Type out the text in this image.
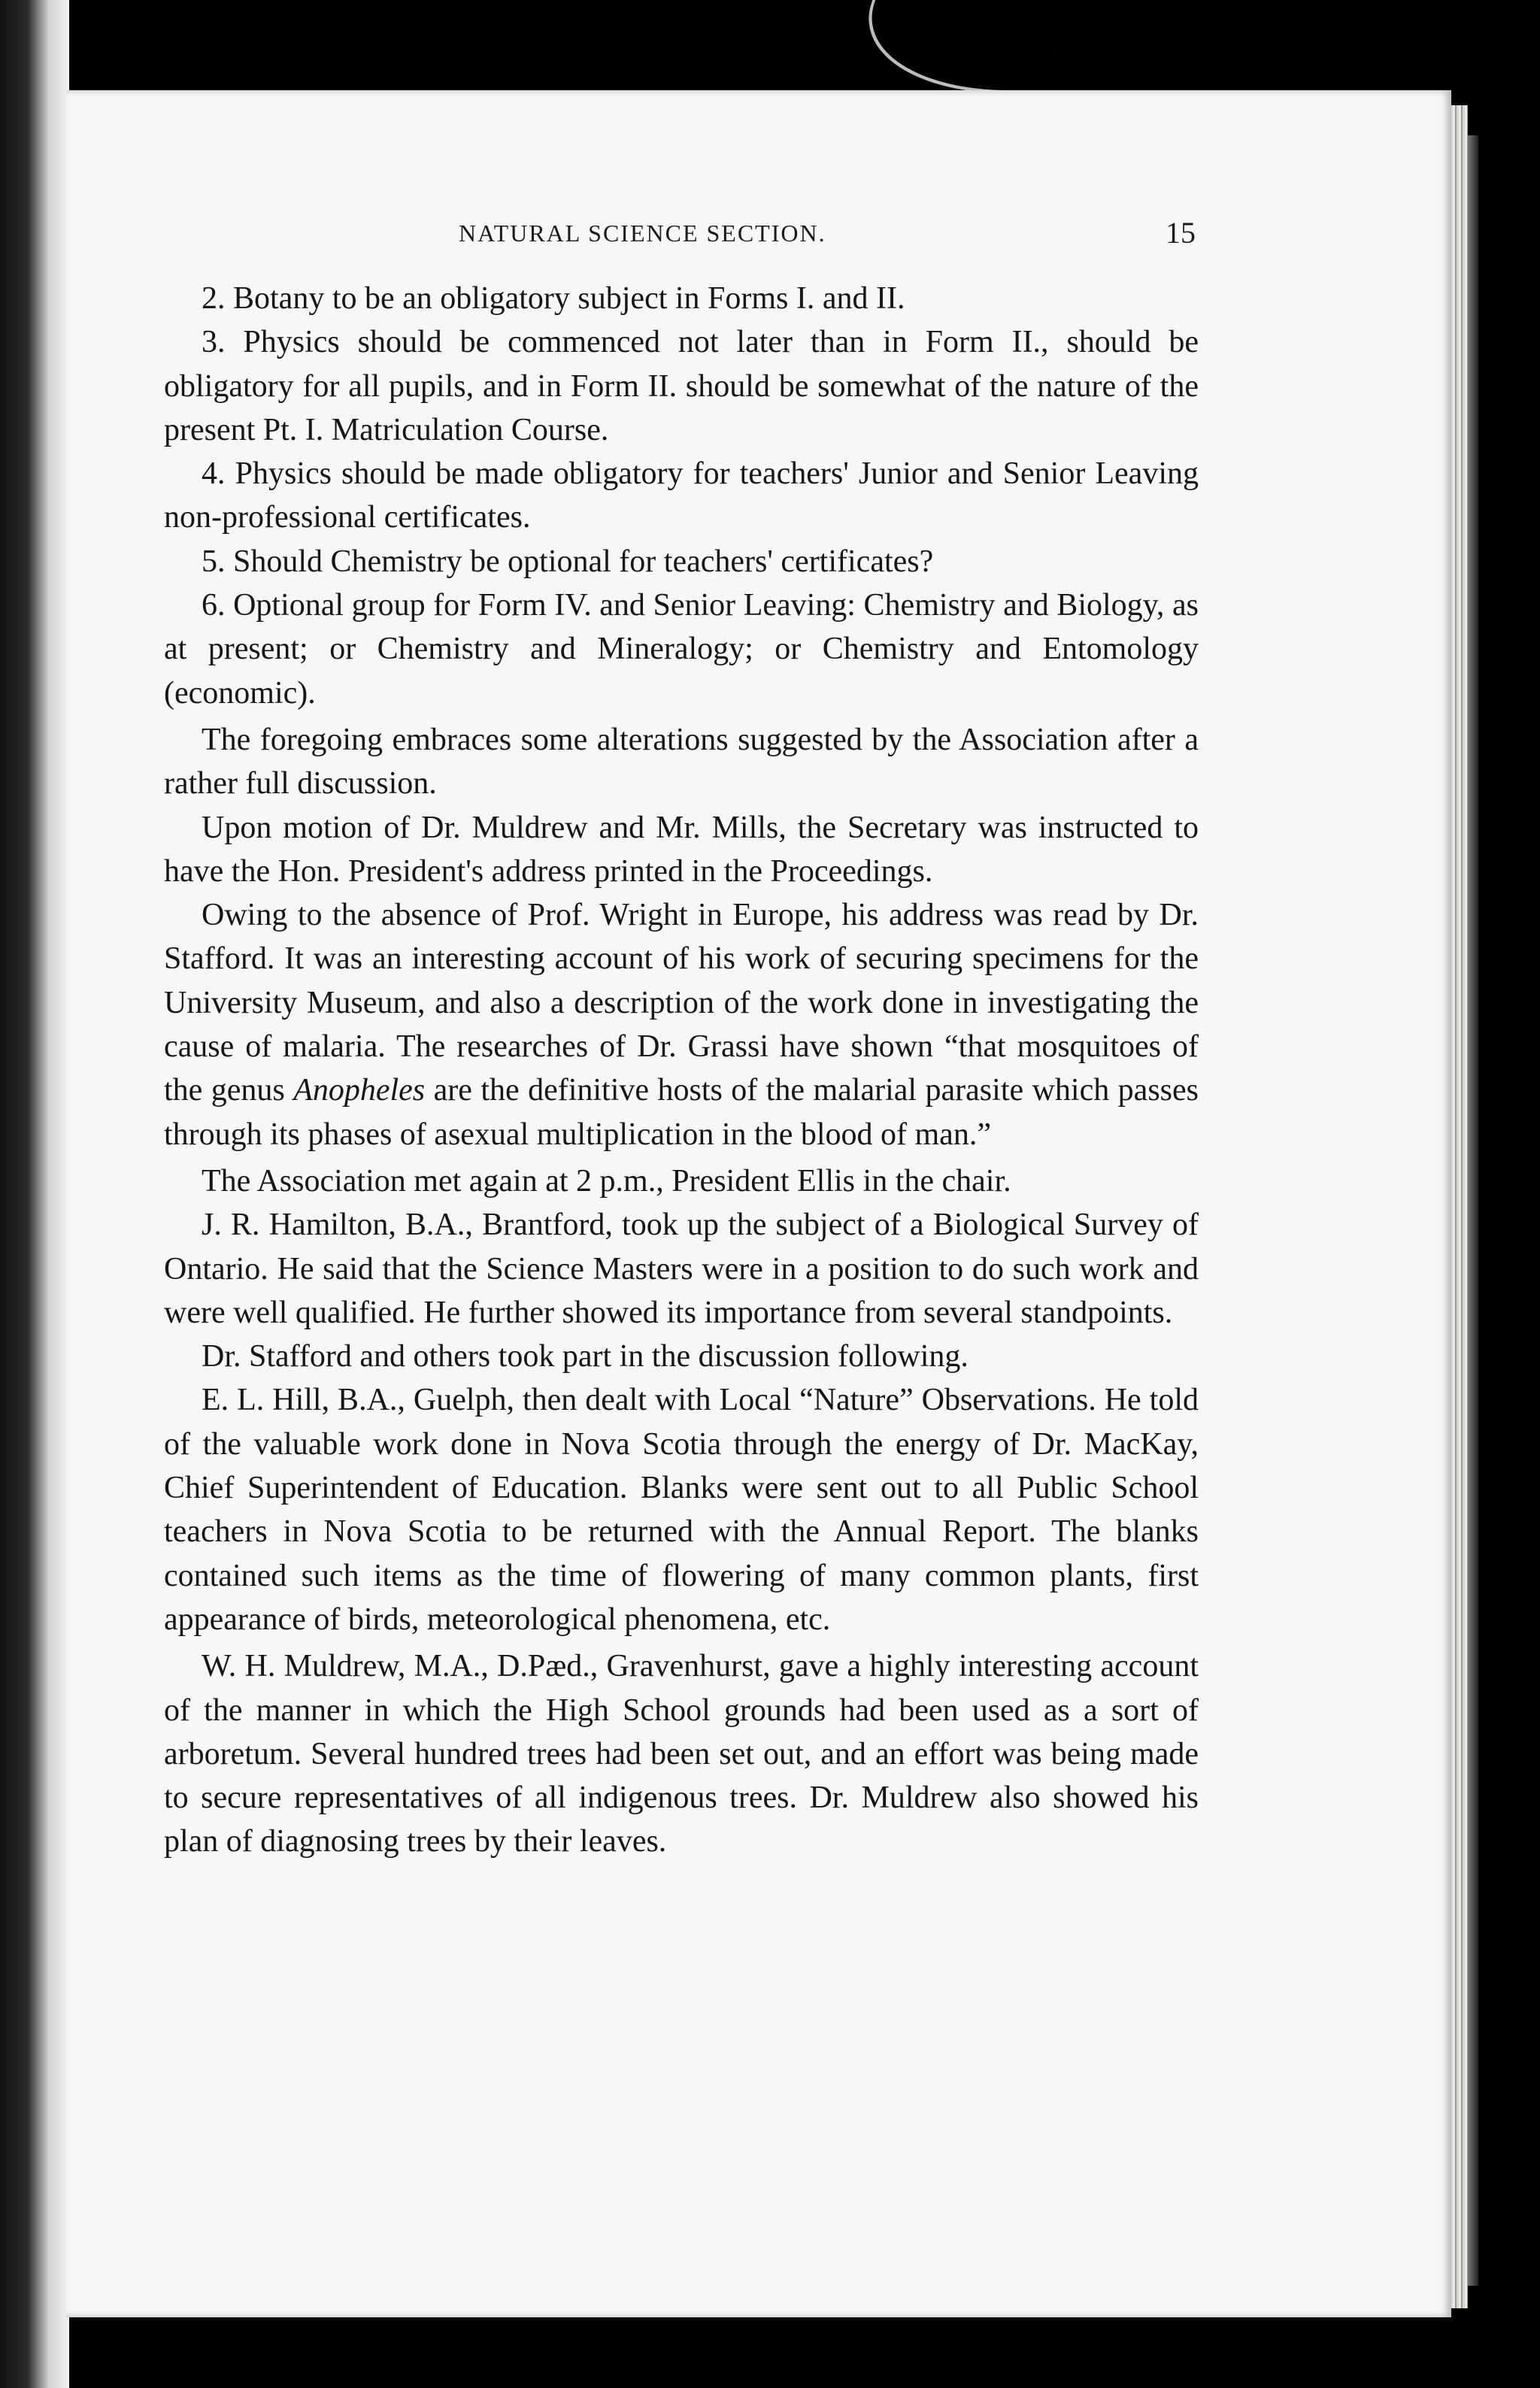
NATURAL SCIENCE SECTION.	15

2. Botany to be an obligatory subject in Forms I. and II.

3. Physics should be commenced not later than in Form II., should be obligatory for all pupils, and in Form II. should be somewhat of the nature of the present Pt. I. Matriculation Course.

4. Physics should be made obligatory for teachers' Junior and Senior Leaving non-professional certificates.

5. Should Chemistry be optional for teachers' certificates?

6. Optional group for Form IV. and Senior Leaving: Chemistry and Biology, as at present; or Chemistry and Mineralogy; or Chemistry and Entomology (economic).

The foregoing embraces some alterations suggested by the Association after a rather full discussion.

Upon motion of Dr. Muldrew and Mr. Mills, the Secretary was instructed to have the Hon. President's address printed in the Proceedings.

Owing to the absence of Prof. Wright in Europe, his address was read by Dr. Stafford. It was an interesting account of his work of securing specimens for the University Museum, and also a description of the work done in investigating the cause of malaria. The researches of Dr. Grassi have shown “that mosquitoes of the genus Anopheles are the definitive hosts of the malarial parasite which passes through its phases of asexual multiplication in the blood of man.”

The Association met again at 2 p.m., President Ellis in the chair.

J. R. Hamilton, B.A., Brantford, took up the subject of a Biological Survey of Ontario. He said that the Science Masters were in a position to do such work and were well qualified. He further showed its importance from several standpoints.

Dr. Stafford and others took part in the discussion following.

E. L. Hill, B.A., Guelph, then dealt with Local “Nature” Observations. He told of the valuable work done in Nova Scotia through the energy of Dr. MacKay, Chief Superintendent of Education. Blanks were sent out to all Public School teachers in Nova Scotia to be returned with the Annual Report. The blanks contained such items as the time of flowering of many common plants, first appearance of birds, meteorological phenomena, etc.

W. H. Muldrew, M.A., D.Pæd., Gravenhurst, gave a highly interesting account of the manner in which the High School grounds had been used as a sort of arboretum. Several hundred trees had been set out, and an effort was being made to secure representatives of all indigenous trees. Dr. Muldrew also showed his plan of diagnosing trees by their leaves.
